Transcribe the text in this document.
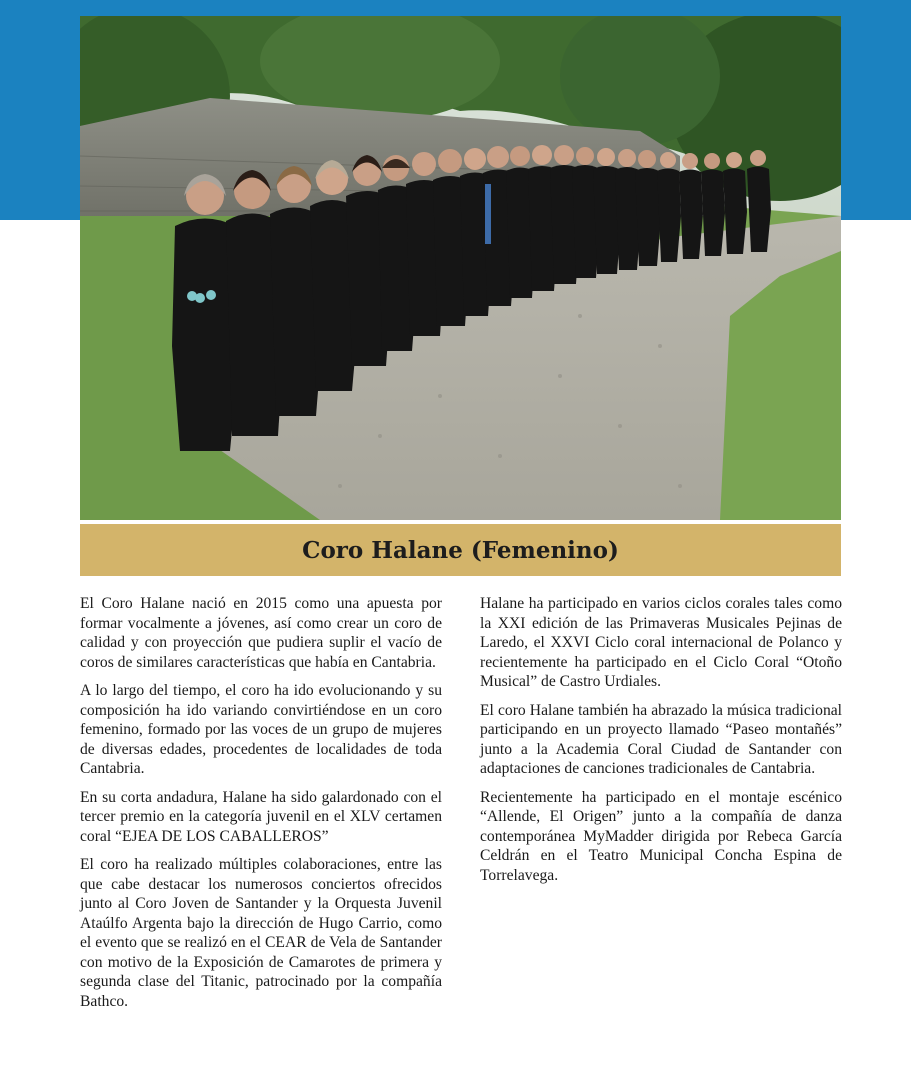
Coro Halane (Femenino)

El Coro Halane nació en 2015 como una apuesta por formar vocalmente a jóvenes, así como crear un coro de calidad y con proyección que pudiera suplir el vacío de coros de similares características que había en Cantabria.

A lo largo del tiempo, el coro ha ido evolucionando y su composición ha ido variando convirtiéndose en un coro femenino, formado por las voces de un grupo de mujeres de diversas edades, procedentes de localidades de toda Cantabria.

En su corta andadura, Halane ha sido galardonado con el tercer premio en la categoría juvenil en el XLV certamen coral “EJEA DE LOS CABALLEROS”

El coro ha realizado múltiples colaboraciones, entre las que cabe destacar los numerosos conciertos ofrecidos junto al Coro Joven de Santander y la Orquesta Juvenil Ataúlfo Argenta bajo la dirección de Hugo Carrio, como el evento que se realizó en el CEAR de Vela de Santander con motivo de la Exposición de Camarotes de primera y segunda clase del Titanic, patrocinado por la compañía Bathco.

Halane ha participado en varios ciclos corales tales como la XXI edición de las Primaveras Musicales Pejinas de Laredo, el XXVI Ciclo coral internacional de Polanco y recientemente ha participado en el Ciclo Coral “Otoño Musical” de Castro Urdiales.

El coro Halane también ha abrazado la música tradicional participando en un proyecto llamado “Paseo montañés” junto a la Academia Coral Ciudad de Santander con adaptaciones de canciones tradicionales de Cantabria.

Recientemente ha participado en el montaje escénico “Allende, El Origen” junto a la compañía de danza contemporánea MyMadder dirigida por Rebeca García Celdrán en el Teatro Municipal Concha Espina de Torrelavega.
